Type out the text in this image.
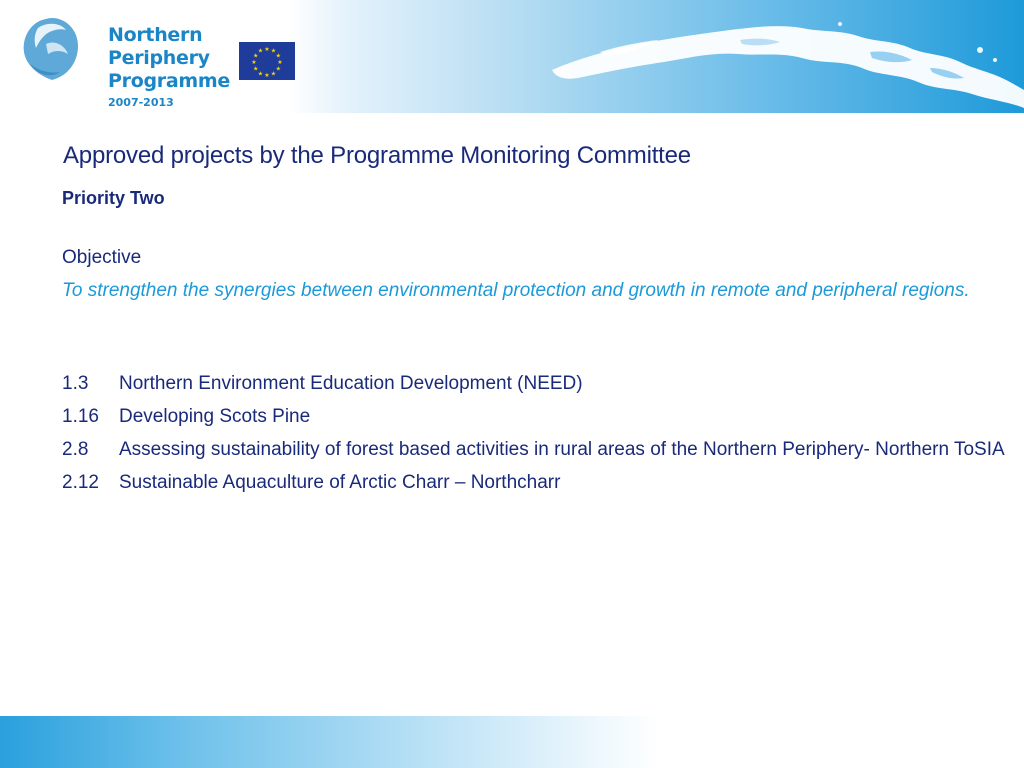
Northern
Periphery
Programme
2007-2013
★ ★
★
★
★
★
★
★
★
★
★
★
Approved projects by the Programme Monitoring Committee
Priority Two
Objective
To strengthen the synergies between environmental protection and growth in remote and peripheral regions.
1.3	Northern Environment Education Development (NEED)
1.16	Developing Scots Pine
2.8	Assessing sustainability of forest based activities in rural areas of the Northern Periphery- Northern ToSIA
2.12	Sustainable Aquaculture of Arctic Charr – Northcharr
